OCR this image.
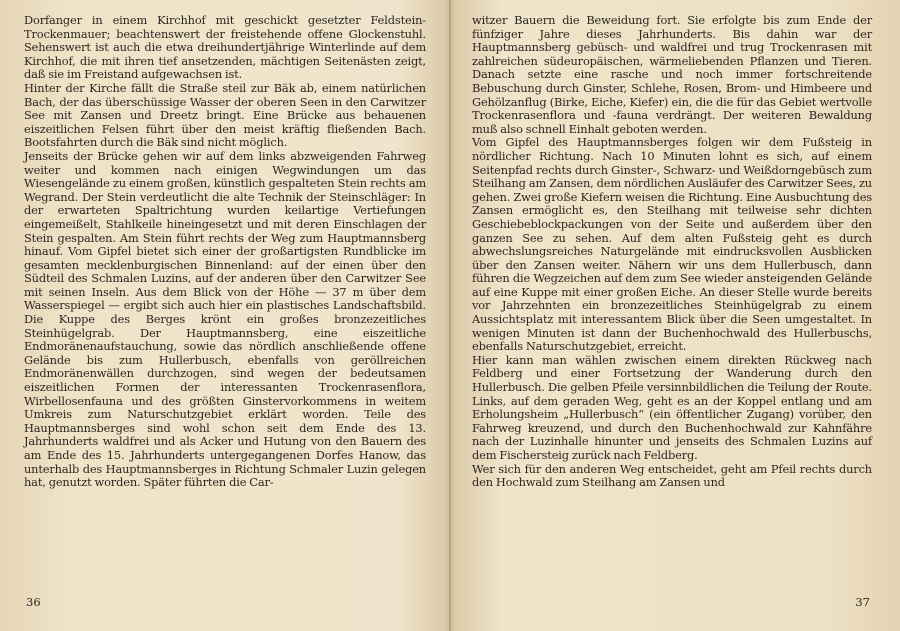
Dorfanger in einem Kirchhof mit geschickt gesetzter Feldstein-Trockenmauer; beachtenswert der freistehende offene Glockenstuhl. Sehenswert ist auch die etwa dreihundertjährige Winterlinde auf dem Kirchhof, die mit ihren tief ansetzenden, mächtigen Seitenästen zeigt, daß sie im Freistand aufgewachsen ist.

Hinter der Kirche fällt die Straße steil zur Bäk ab, einem natürlichen Bach, der das überschüssige Wasser der oberen Seen in den Carwitzer See mit Zansen und Dreetz bringt. Eine Brücke aus behauenen eiszeitlichen Felsen führt über den meist kräftig fließenden Bach. Bootsfahrten durch die Bäk sind nicht möglich.

Jenseits der Brücke gehen wir auf dem links abzweigenden Fahrweg weiter und kommen nach einigen Wegwindungen um das Wiesengelände zu einem großen, künstlich gespalteten Stein rechts am Wegrand. Der Stein verdeutlicht die alte Technik der Steinschläger: In der erwarteten Spaltrichtung wurden keilartige Vertiefungen eingemeißelt, Stahlkeile hineingesetzt und mit deren Einschlagen der Stein gespalten. Am Stein führt rechts der Weg zum Hauptmannsberg hinauf. Vom Gipfel bietet sich einer der großartigsten Rundblicke im gesamten mecklenburgischen Binnenland: auf der einen über den Südteil des Schmalen Luzins, auf der anderen über den Carwitzer See mit seinen Inseln. Aus dem Blick von der Höhe — 37 m über dem Wasserspiegel — ergibt sich auch hier ein plastisches Landschaftsbild. Die Kuppe des Berges krönt ein großes bronzezeitliches Steinhügelgrab. Der Hauptmannsberg, eine eiszeitliche Endmoränenaufstauchung, sowie das nördlich anschließende offene Gelände bis zum Hullerbusch, ebenfalls von geröllreichen Endmoränenwällen durchzogen, sind wegen der bedeutsamen eiszeitlichen Formen der interessanten Trockenrasenflora, Wirbellosenfauna und des größten Ginstervorkommens in weitem Umkreis zum Naturschutzgebiet erklärt worden. Teile des Hauptmannsberges sind wohl schon seit dem Ende des 13. Jahrhunderts waldfrei und als Acker und Hutung von den Bauern des am Ende des 15. Jahrhunderts untergegangenen Dorfes Hanow, das unterhalb des Hauptmannsberges in Richtung Schmaler Luzin gelegen hat, genutzt worden. Später führten die Car-

36

witzer Bauern die Beweidung fort. Sie erfolgte bis zum Ende der fünfziger Jahre dieses Jahrhunderts. Bis dahin war der Hauptmannsberg gebüsch- und waldfrei und trug Trockenrasen mit zahlreichen südeuropäischen, wärmeliebenden Pflanzen und Tieren. Danach setzte eine rasche und noch immer fortschreitende Bebuschung durch Ginster, Schlehe, Rosen, Brom- und Himbeere und Gehölzanflug (Birke, Eiche, Kiefer) ein, die die für das Gebiet wertvolle Trockenrasenflora und -fauna verdrängt. Der weiteren Bewaldung muß also schnell Einhalt geboten werden.

Vom Gipfel des Hauptmannsberges folgen wir dem Fußsteig in nördlicher Richtung. Nach 10 Minuten lohnt es sich, auf einem Seitenpfad rechts durch Ginster-, Schwarz- und Weißdorngebüsch zum Steilhang am Zansen, dem nördlichen Ausläufer des Carwitzer Sees, zu gehen. Zwei große Kiefern weisen die Richtung. Eine Ausbuchtung des Zansen ermöglicht es, den Steilhang mit teilweise sehr dichten Geschiebeblockpackungen von der Seite und außerdem über den ganzen See zu sehen. Auf dem alten Fußsteig geht es durch abwechslungsreiches Naturgelände mit eindrucksvollen Ausblicken über den Zansen weiter. Nähern wir uns dem Hullerbusch, dann führen die Wegzeichen auf dem zum See wieder ansteigenden Gelände auf eine Kuppe mit einer großen Eiche. An dieser Stelle wurde bereits vor Jahrzehnten ein bronzezeitliches Steinhügelgrab zu einem Aussichtsplatz mit interessantem Blick über die Seen umgestaltet. In wenigen Minuten ist dann der Buchenhochwald des Hullerbuschs, ebenfalls Naturschutzgebiet, erreicht.

Hier kann man wählen zwischen einem direkten Rückweg nach Feldberg und einer Fortsetzung der Wanderung durch den Hullerbusch. Die gelben Pfeile versinnbildlichen die Teilung der Route. Links, auf dem geraden Weg, geht es an der Koppel entlang und am Erholungsheim „Hullerbusch“ (ein öffentlicher Zugang) vorüber, den Fahrweg kreuzend, und durch den Buchenhochwald zur Kahnfähre nach der Luzinhalle hinunter und jenseits des Schmalen Luzins auf dem Fischersteig zurück nach Feldberg.

Wer sich für den anderen Weg entscheidet, geht am Pfeil rechts durch den Hochwald zum Steilhang am Zansen und

37
